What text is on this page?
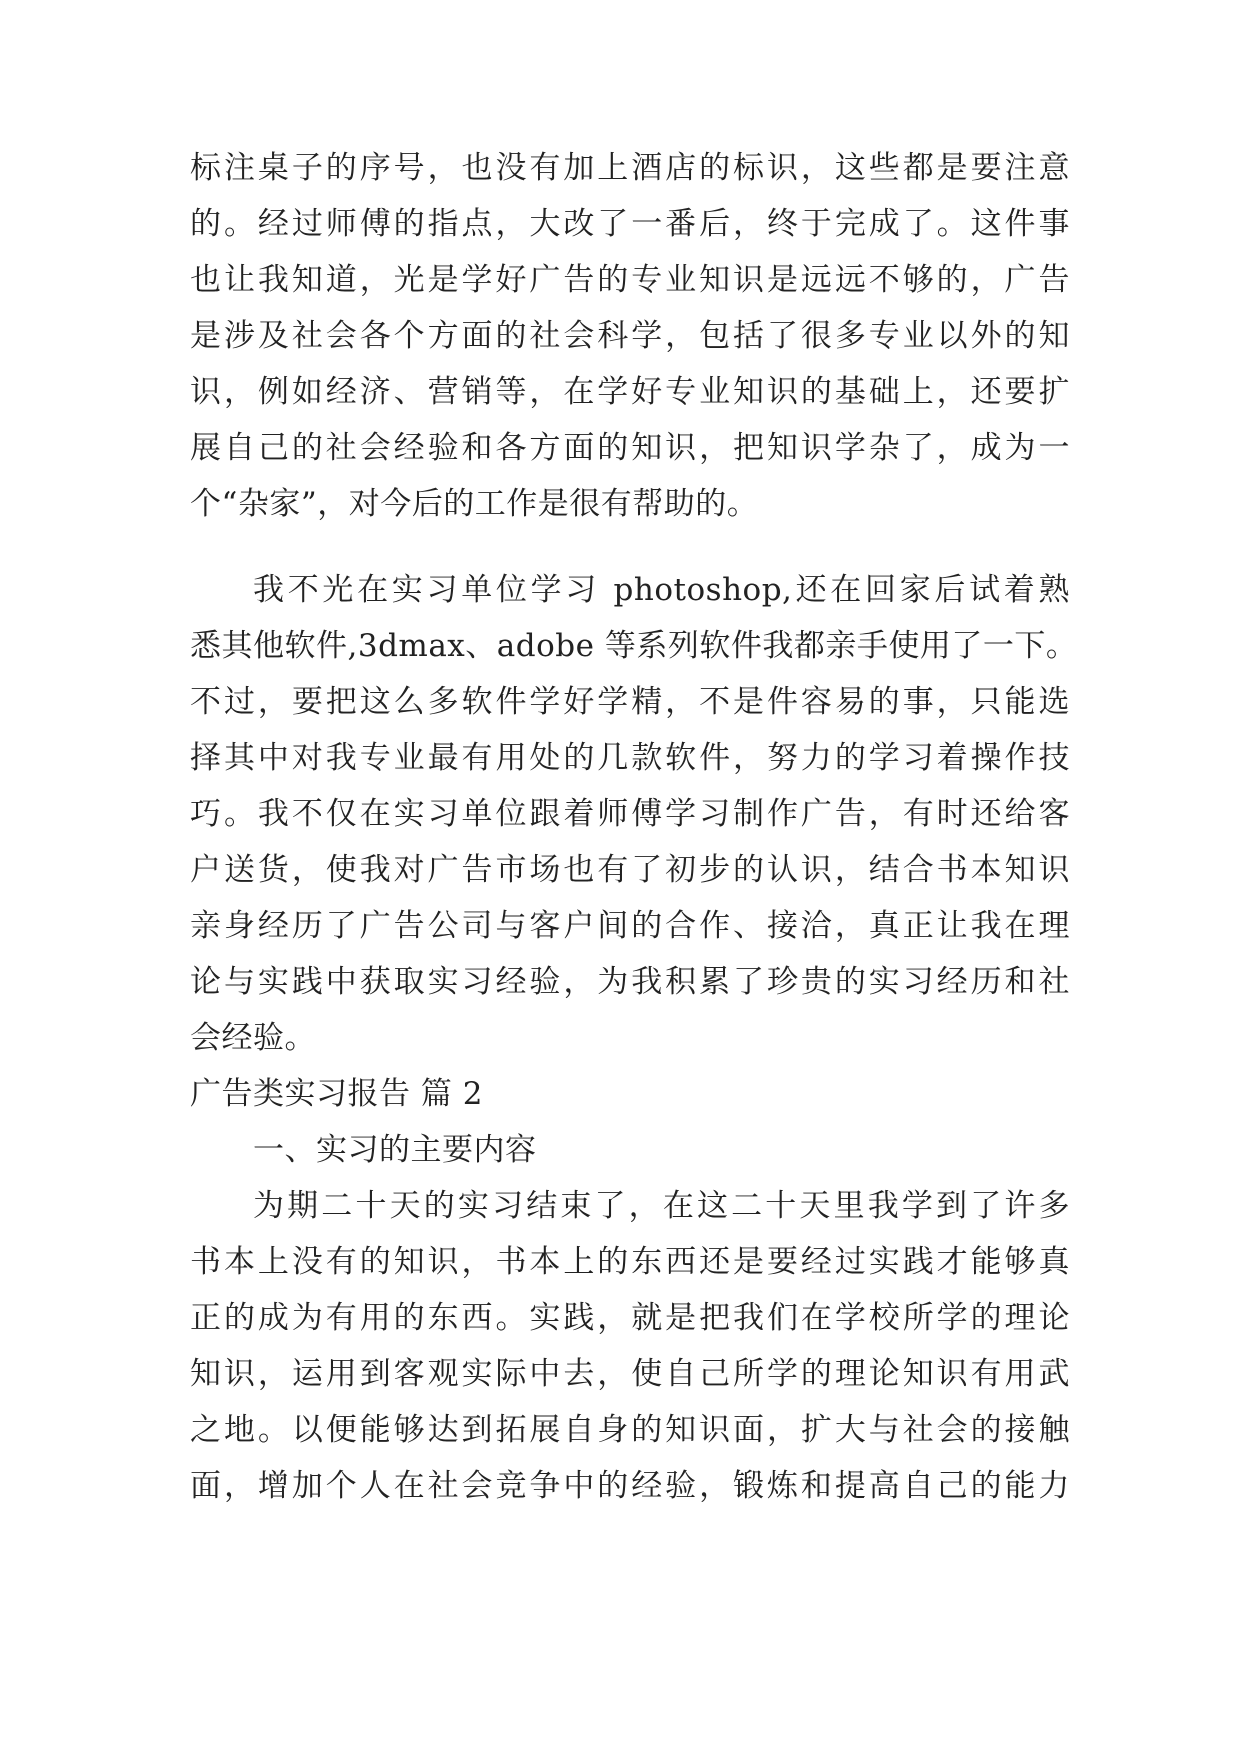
标注桌子的序号，也没有加上酒店的标识，这些都是要注意

的。经过师傅的指点，大改了一番后，终于完成了。这件事

也让我知道，光是学好广告的专业知识是远远不够的，广告

是涉及社会各个方面的社会科学，包括了很多专业以外的知

识，例如经济、营销等，在学好专业知识的基础上，还要扩

展自己的社会经验和各方面的知识，把知识学杂了，成为一

个“杂家”，对今后的工作是很有帮助的。

我不光在实习单位学习 photoshop,还在回家后试着熟

悉其他软件,3dmax、adobe 等系列软件我都亲手使用了一下。

不过，要把这么多软件学好学精，不是件容易的事，只能选

择其中对我专业最有用处的几款软件，努力的学习着操作技

巧。我不仅在实习单位跟着师傅学习制作广告，有时还给客

户送货，使我对广告市场也有了初步的认识，结合书本知识

亲身经历了广告公司与客户间的合作、接洽，真正让我在理

论与实践中获取实习经验，为我积累了珍贵的实习经历和社

会经验。

广告类实习报告 篇 2

一、实习的主要内容

为期二十天的实习结束了，在这二十天里我学到了许多

书本上没有的知识，书本上的东西还是要经过实践才能够真

正的成为有用的东西。实践，就是把我们在学校所学的理论

知识，运用到客观实际中去，使自己所学的理论知识有用武

之地。以便能够达到拓展自身的知识面，扩大与社会的接触

面，增加个人在社会竞争中的经验，锻炼和提高自己的能力
